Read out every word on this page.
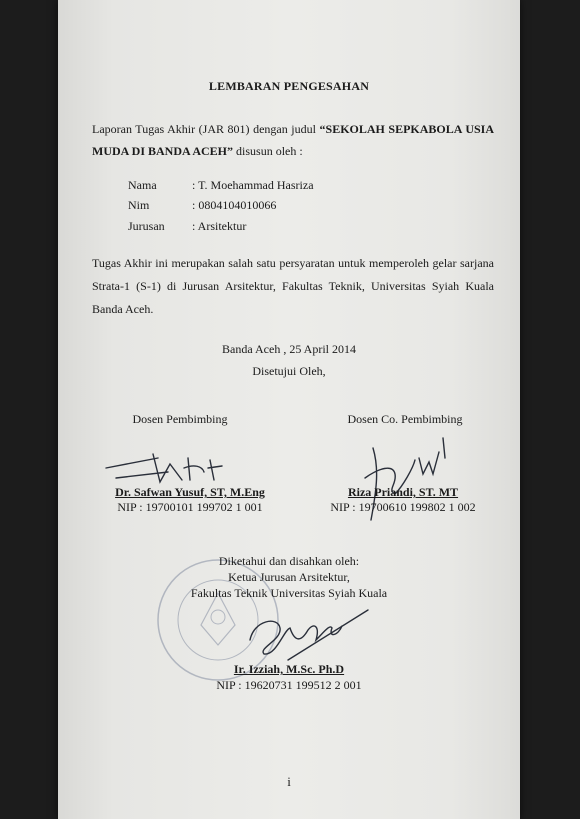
LEMBARAN PENGESAHAN
Laporan Tugas Akhir (JAR 801) dengan judul “SEKOLAH SEPKABOLA USIA MUDA DI BANDA ACEH” disusun oleh :
Nama	: T. Moehammad Hasriza
Nim	: 0804104010066
Jurusan : Arsitektur
Tugas Akhir ini merupakan salah satu persyaratan untuk memperoleh gelar sarjana Strata-1 (S-1) di Jurusan Arsitektur, Fakultas Teknik, Universitas Syiah Kuala Banda Aceh.
Banda Aceh , 25 April 2014
Disetujui Oleh,
Dosen Pembimbing	Dosen Co. Pembimbing
Dr. Safwan Yusuf, ST, M.Eng
NIP : 19700101 199702 1 001
Riza Priandi, ST. MT
NIP : 19700610 199802 1 002
Diketahui dan disahkan oleh:
Ketua Jurusan Arsitektur,
Fakultas Teknik Universitas Syiah Kuala
Ir. Izziah, M.Sc. Ph.D
NIP : 19620731 199512 2 001
i
